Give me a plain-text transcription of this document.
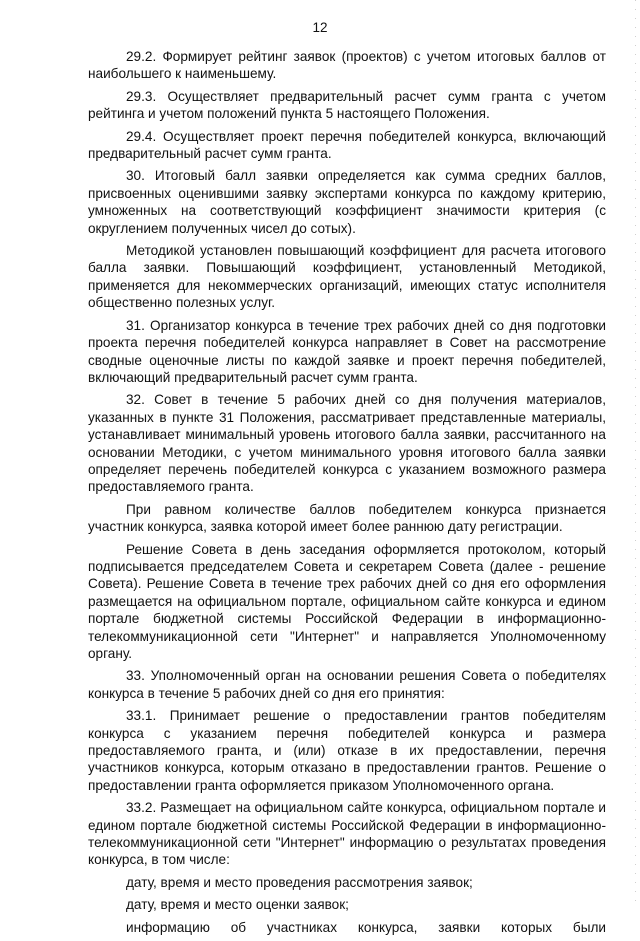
12

29.2. Формирует рейтинг заявок (проектов) с учетом итоговых баллов от наибольшего к наименьшему.

29.3. Осуществляет предварительный расчет сумм гранта с учетом рейтинга и учетом положений пункта 5 настоящего Положения.

29.4. Осуществляет проект перечня победителей конкурса, включающий предварительный расчет сумм гранта.

30. Итоговый балл заявки определяется как сумма средних баллов, присвоенных оценившими заявку экспертами конкурса по каждому критерию, умноженных на соответствующий коэффициент значимости критерия (с округлением полученных чисел до сотых).

Методикой установлен повышающий коэффициент для расчета итогового балла заявки. Повышающий коэффициент, установленный Методикой, применяется для некоммерческих организаций, имеющих статус исполнителя общественно полезных услуг.

31. Организатор конкурса в течение трех рабочих дней со дня подготовки проекта перечня победителей конкурса направляет в Совет на рассмотрение сводные оценочные листы по каждой заявке и проект перечня победителей, включающий предварительный расчет сумм гранта.

32. Совет в течение 5 рабочих дней со дня получения материалов, указанных в пункте 31 Положения, рассматривает представленные материалы, устанавливает минимальный уровень итогового балла заявки, рассчитанного на основании Методики, с учетом минимального уровня итогового балла заявки определяет перечень победителей конкурса с указанием возможного размера предоставляемого гранта.

При равном количестве баллов победителем конкурса признается участник конкурса, заявка которой имеет более раннюю дату регистрации.

Решение Совета в день заседания оформляется протоколом, который подписывается председателем Совета и секретарем Совета (далее - решение Совета). Решение Совета в течение трех рабочих дней со дня его оформления размещается на официальном портале, официальном сайте конкурса и едином портале бюджетной системы Российской Федерации в информационно-телекоммуникационной сети "Интернет" и направляется Уполномоченному органу.

33. Уполномоченный орган на основании решения Совета о победителях конкурса в течение 5 рабочих дней со дня его принятия:

33.1. Принимает решение о предоставлении грантов победителям конкурса с указанием перечня победителей конкурса и размера предоставляемого гранта, и (или) отказе в их предоставлении, перечня участников конкурса, которым отказано в предоставлении грантов. Решение о предоставлении гранта оформляется приказом Уполномоченного органа.

33.2. Размещает на официальном сайте конкурса, официальном портале и едином портале бюджетной системы Российской Федерации в информационно-телекоммуникационной сети "Интернет" информацию о результатах проведения конкурса, в том числе:

дату, время и место проведения рассмотрения заявок;

дату, время и место оценки заявок;

информацию об участниках конкурса, заявки которых были
